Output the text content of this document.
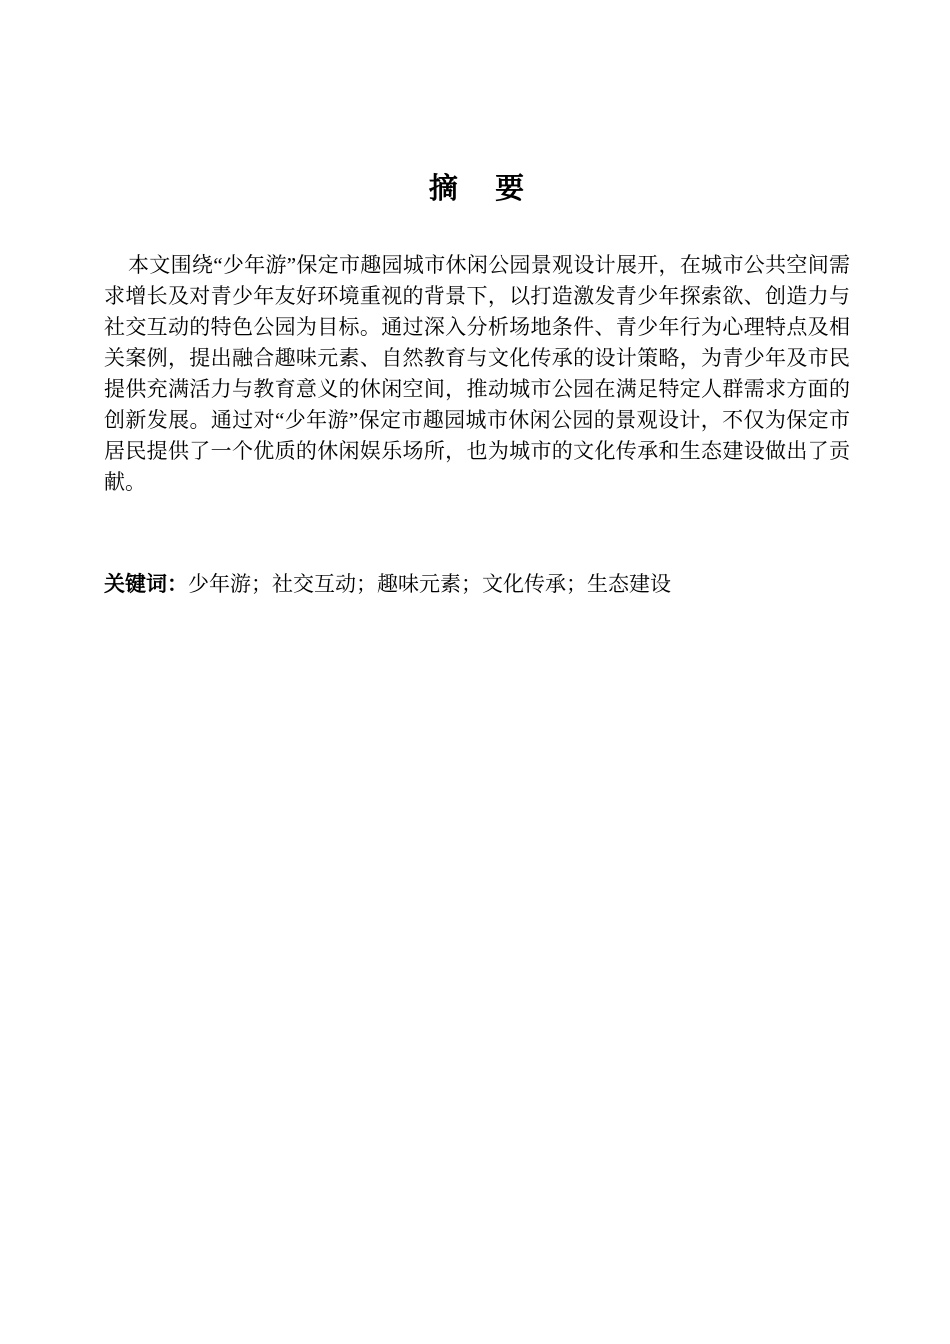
摘    要

本文围绕“少年游”保定市趣园城市休闲公园景观设计展开，在城市公共空间需求增长及对青少年友好环境重视的背景下，以打造激发青少年探索欲、创造力与社交互动的特色公园为目标。通过深入分析场地条件、青少年行为心理特点及相关案例，提出融合趣味元素、自然教育与文化传承的设计策略，为青少年及市民提供充满活力与教育意义的休闲空间，推动城市公园在满足特定人群需求方面的创新发展。通过对“少年游”保定市趣园城市休闲公园的景观设计，不仅为保定市居民提供了一个优质的休闲娱乐场所，也为城市的文化传承和生态建设做出了贡献。

关键词：少年游；社交互动；趣味元素；文化传承；生态建设
